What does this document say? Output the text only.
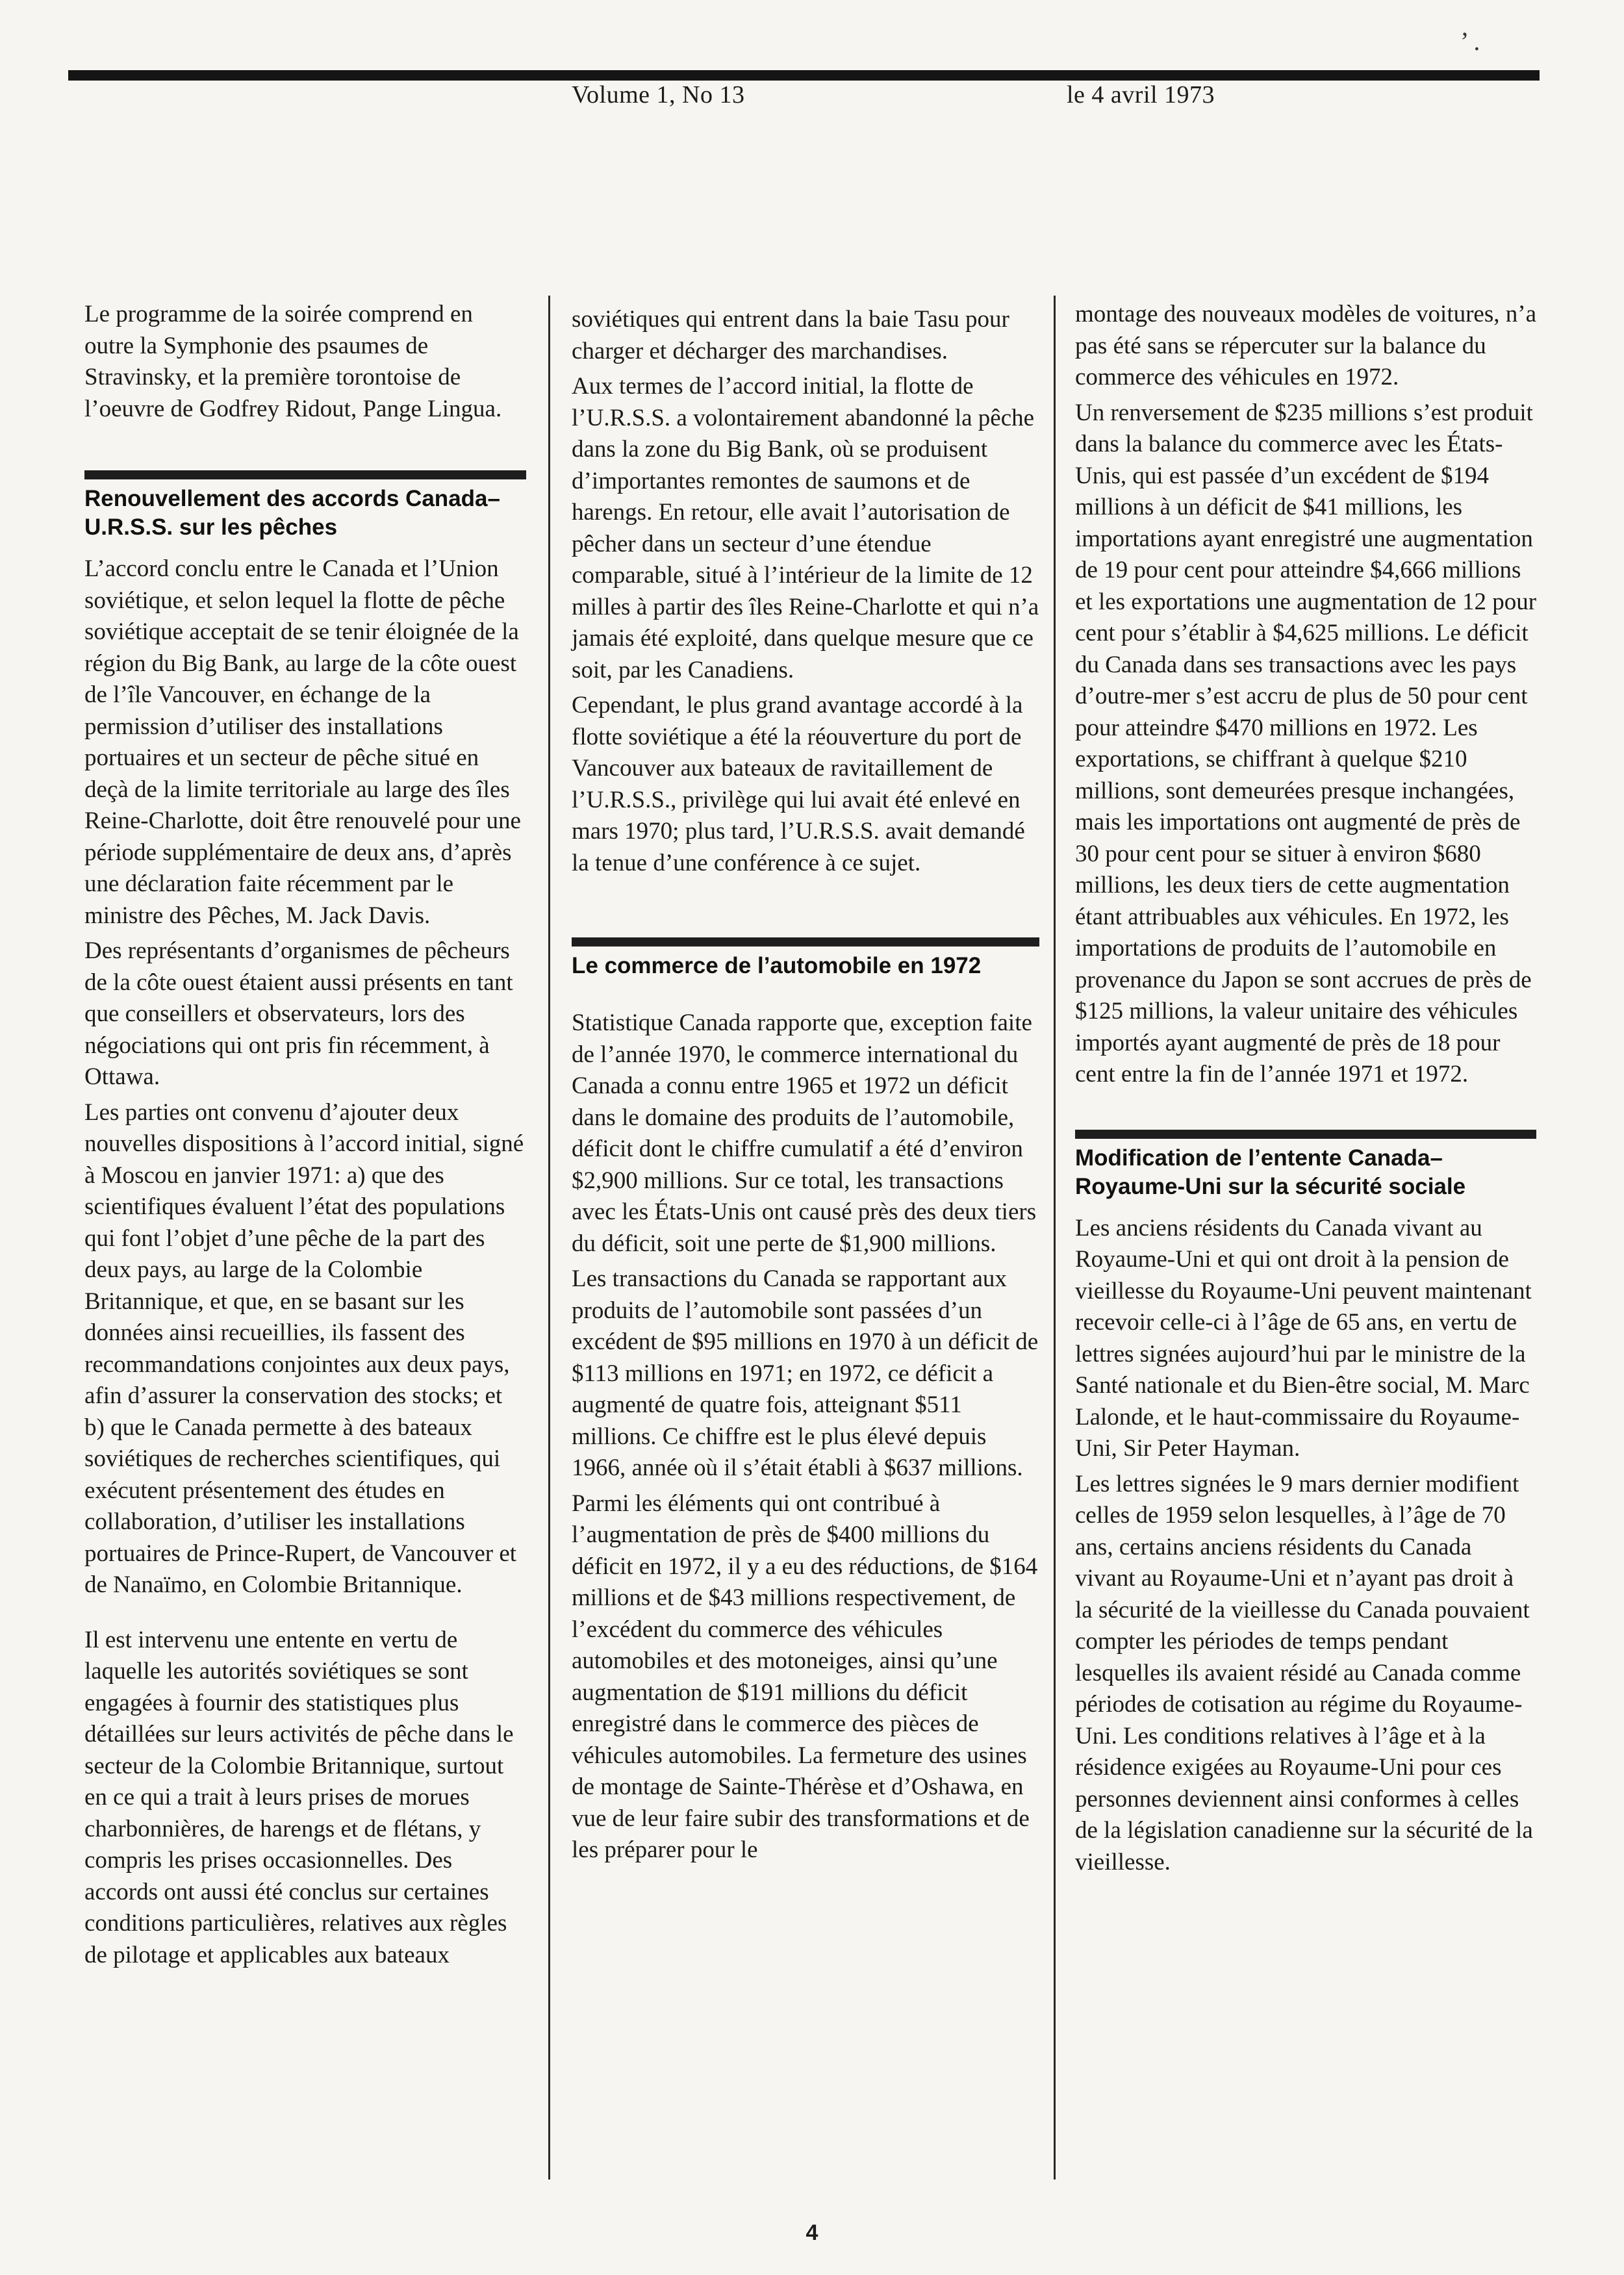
’ .
Volume 1, No 13	le 4 avril 1973

Le programme de la soirée comprend en outre la Symphonie des psaumes de Stravinsky, et la première torontoise de l’oeuvre de Godfrey Ridout, Pange Lingua.

Renouvellement des accords Canada– U.R.S.S. sur les pêches

L’accord conclu entre le Canada et l’Union soviétique, et selon lequel la flotte de pêche soviétique acceptait de se tenir éloignée de la région du Big Bank, au large de la côte ouest de l’île Vancouver, en échange de la permission d’utiliser des installations portuaires et un secteur de pêche situé en deçà de la limite territoriale au large des îles Reine-Charlotte, doit être renouvelé pour une période supplémentaire de deux ans, d’après une déclaration faite récemment par le ministre des Pêches, M. Jack Davis.

Des représentants d’organismes de pêcheurs de la côte ouest étaient aussi présents en tant que conseillers et observateurs, lors des négociations qui ont pris fin récemment, à Ottawa.

Les parties ont convenu d’ajouter deux nouvelles dispositions à l’accord initial, signé à Moscou en janvier 1971: a) que des scientifiques évaluent l’état des populations qui font l’objet d’une pêche de la part des deux pays, au large de la Colombie Britannique, et que, en se basant sur les données ainsi recueillies, ils fassent des recommandations conjointes aux deux pays, afin d’assurer la conservation des stocks; et b) que le Canada permette à des bateaux soviétiques de recherches scientifiques, qui exécutent présentement des études en collaboration, d’utiliser les installations portuaires de Prince-Rupert, de Vancouver et de Nanaïmo, en Colombie Britannique.

Il est intervenu une entente en vertu de laquelle les autorités soviétiques se sont engagées à fournir des statistiques plus détaillées sur leurs activités de pêche dans le secteur de la Colombie Britannique, surtout en ce qui a trait à leurs prises de morues charbonnières, de harengs et de flétans, y compris les prises occasionnelles. Des accords ont aussi été conclus sur certaines conditions particulières, relatives aux règles de pilotage et applicables aux bateaux

soviétiques qui entrent dans la baie Tasu pour charger et décharger des marchandises.

Aux termes de l’accord initial, la flotte de l’U.R.S.S. a volontairement abandonné la pêche dans la zone du Big Bank, où se produisent d’importantes remontes de saumons et de harengs. En retour, elle avait l’autorisation de pêcher dans un secteur d’une étendue comparable, situé à l’intérieur de la limite de 12 milles à partir des îles Reine-Charlotte et qui n’a jamais été exploité, dans quelque mesure que ce soit, par les Canadiens.

Cependant, le plus grand avantage accordé à la flotte soviétique a été la réouverture du port de Vancouver aux bateaux de ravitaillement de l’U.R.S.S., privilège qui lui avait été enlevé en mars 1970; plus tard, l’U.R.S.S. avait demandé la tenue d’une conférence à ce sujet.

Le commerce de l’automobile en 1972

Statistique Canada rapporte que, exception faite de l’année 1970, le commerce international du Canada a connu entre 1965 et 1972 un déficit dans le domaine des produits de l’automobile, déficit dont le chiffre cumulatif a été d’environ $2,900 millions. Sur ce total, les transactions avec les États-Unis ont causé près des deux tiers du déficit, soit une perte de $1,900 millions.

Les transactions du Canada se rapportant aux produits de l’automobile sont passées d’un excédent de $95 millions en 1970 à un déficit de $113 millions en 1971; en 1972, ce déficit a augmenté de quatre fois, atteignant $511 millions. Ce chiffre est le plus élevé depuis 1966, année où il s’était établi à $637 millions.

Parmi les éléments qui ont contribué à l’augmentation de près de $400 millions du déficit en 1972, il y a eu des réductions, de $164 millions et de $43 millions respectivement, de l’excédent du commerce des véhicules automobiles et des motoneiges, ainsi qu’une augmentation de $191 millions du déficit enregistré dans le commerce des pièces de véhicules automobiles. La fermeture des usines de montage de Sainte-Thérèse et d’Oshawa, en vue de leur faire subir des transformations et de les préparer pour le

montage des nouveaux modèles de voitures, n’a pas été sans se répercuter sur la balance du commerce des véhicules en 1972.

Un renversement de $235 millions s’est produit dans la balance du commerce avec les États-Unis, qui est passée d’un excédent de $194 millions à un déficit de $41 millions, les importations ayant enregistré une augmentation de 19 pour cent pour atteindre $4,666 millions et les exportations une augmentation de 12 pour cent pour s’établir à $4,625 millions. Le déficit du Canada dans ses transactions avec les pays d’outre-mer s’est accru de plus de 50 pour cent pour atteindre $470 millions en 1972. Les exportations, se chiffrant à quelque $210 millions, sont demeurées presque inchangées, mais les importations ont augmenté de près de 30 pour cent pour se situer à environ $680 millions, les deux tiers de cette augmentation étant attribuables aux véhicules. En 1972, les importations de produits de l’automobile en provenance du Japon se sont accrues de près de $125 millions, la valeur unitaire des véhicules importés ayant augmenté de près de 18 pour cent entre la fin de l’année 1971 et 1972.

Modification de l’entente Canada– Royaume-Uni sur la sécurité sociale

Les anciens résidents du Canada vivant au Royaume-Uni et qui ont droit à la pension de vieillesse du Royaume-Uni peuvent maintenant recevoir celle-ci à l’âge de 65 ans, en vertu de lettres signées aujourd’hui par le ministre de la Santé nationale et du Bien-être social, M. Marc Lalonde, et le haut-commissaire du Royaume-Uni, Sir Peter Hayman.

Les lettres signées le 9 mars dernier modifient celles de 1959 selon lesquelles, à l’âge de 70 ans, certains anciens résidents du Canada vivant au Royaume-Uni et n’ayant pas droit à la sécurité de la vieillesse du Canada pouvaient compter les périodes de temps pendant lesquelles ils avaient résidé au Canada comme périodes de cotisation au régime du Royaume-Uni. Les conditions relatives à l’âge et à la résidence exigées au Royaume-Uni pour ces personnes deviennent ainsi conformes à celles de la législation canadienne sur la sécurité de la vieillesse.

4
